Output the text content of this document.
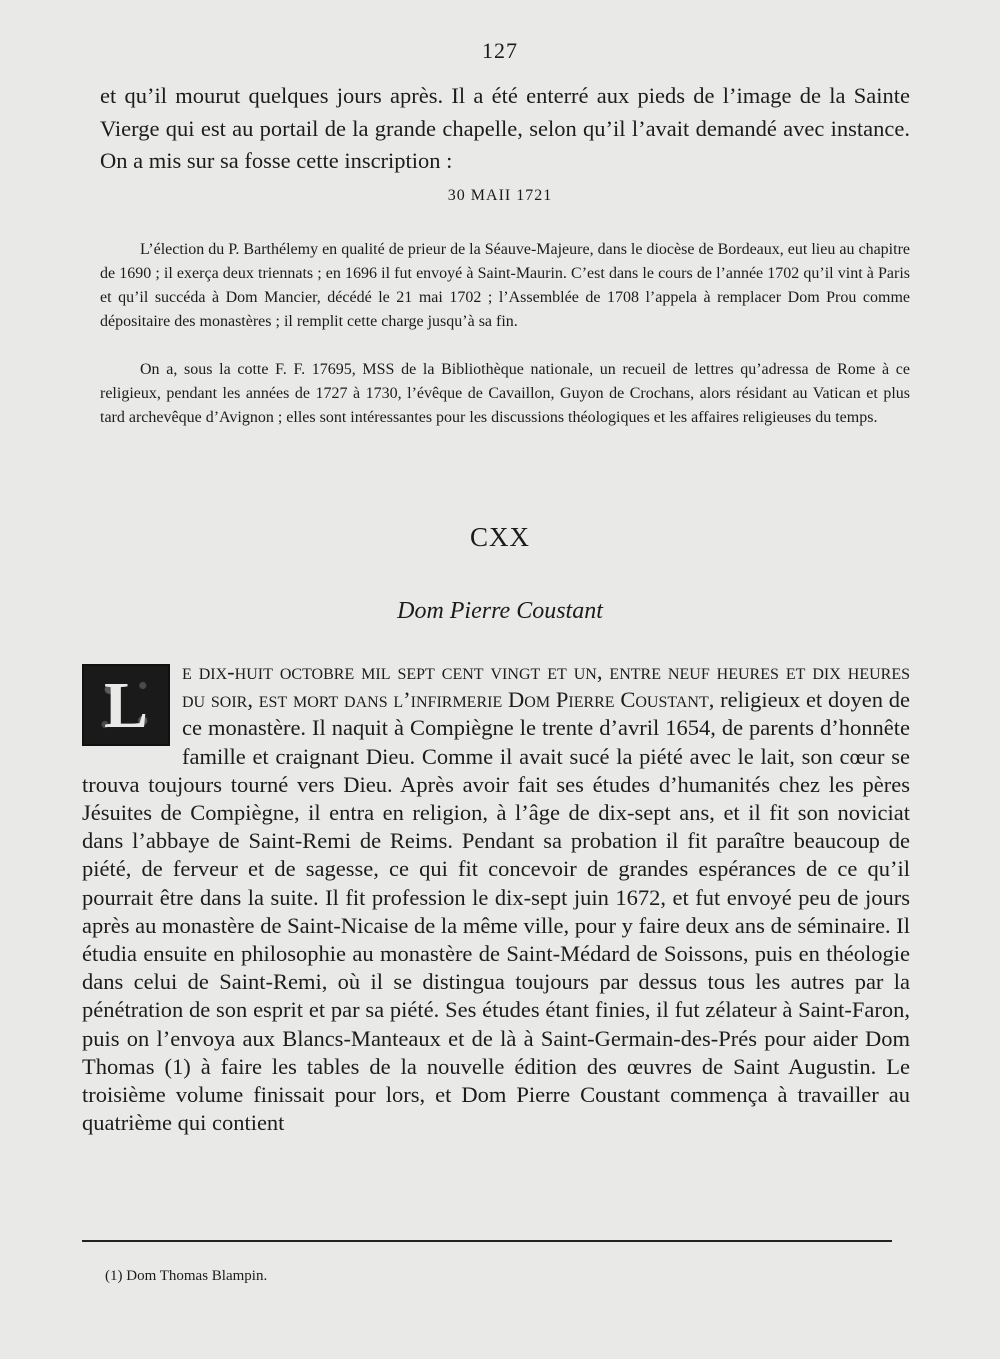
127
et qu’il mourut quelques jours après. Il a été enterré aux pieds de l’image de la Sainte Vierge qui est au portail de la grande chapelle, selon qu’il l’avait demandé avec instance. On a mis sur sa fosse cette inscription :
30 MAII 1721
L’élection du P. Barthélemy en qualité de prieur de la Séauve-Majeure, dans le diocèse de Bordeaux, eut lieu au chapitre de 1690 ; il exerça deux triennats ; en 1696 il fut envoyé à Saint-Maurin. C’est dans le cours de l’année 1702 qu’il vint à Paris et qu’il succéda à Dom Mancier, décédé le 21 mai 1702 ; l’Assemblée de 1708 l’appela à remplacer Dom Prou comme dépositaire des monastères ; il remplit cette charge jusqu’à sa fin.
On a, sous la cotte F. F. 17695, MSS de la Bibliothèque nationale, un recueil de lettres qu’adressa de Rome à ce religieux, pendant les années de 1727 à 1730, l’évêque de Cavaillon, Guyon de Crochans, alors résidant au Vatican et plus tard archevêque d’Avignon ; elles sont intéressantes pour les discussions théologiques et les affaires religieuses du temps.
CXX
Dom Pierre Coustant
L	e dix-huit octobre mil sept cent vingt et un, entre neuf heures et dix heures du soir, est mort dans l’infirmerie Dom Pierre Coustant, religieux et doyen de ce monastère. Il naquit à Compiègne le trente d’avril 1654, de parents d’honnête famille et craignant Dieu. Comme il avait sucé la piété avec le lait, son cœur se trouva toujours tourné vers Dieu. Après avoir fait ses études d’humanités chez les pères Jésuites de Compiègne, il entra en religion, à l’âge de dix-sept ans, et il fit son noviciat dans l’abbaye de Saint-Remi de Reims. Pendant sa probation il fit paraître beaucoup de piété, de ferveur et de sagesse, ce qui fit concevoir de grandes espérances de ce qu’il pourrait être dans la suite. Il fit profession le dix-sept juin 1672, et fut envoyé peu de jours après au monastère de Saint-Nicaise de la même ville, pour y faire deux ans de séminaire. Il étudia ensuite en philosophie au monastère de Saint-Médard de Soissons, puis en théologie dans celui de Saint-Remi, où il se distingua toujours par dessus tous les autres par la pénétration de son esprit et par sa piété. Ses études étant finies, il fut zélateur à Saint-Faron, puis on l’envoya aux Blancs-Manteaux et de là à Saint-Germain-des-Prés pour aider Dom Thomas (1) à faire les tables de la nouvelle édition des œuvres de Saint Augustin. Le troisième volume finissait pour lors, et Dom Pierre Coustant commença à travailler au quatrième qui contient
(1) Dom Thomas Blampin.
